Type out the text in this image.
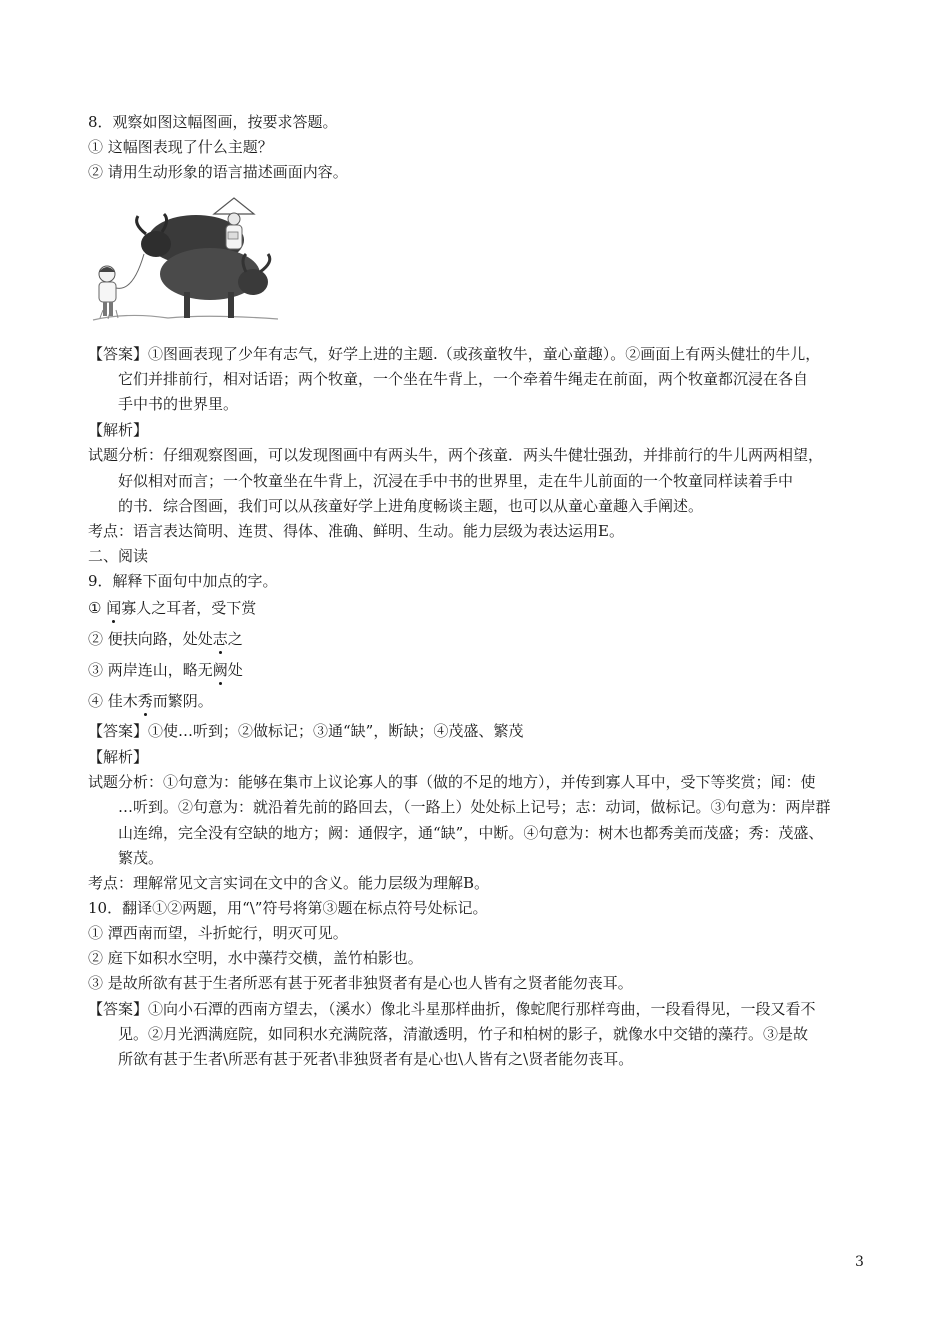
8．观察如图这幅图画，按要求答题。
① 这幅图表现了什么主题？
② 请用生动形象的语言描述画面内容。
【答案】①图画表现了少年有志气，好学上进的主题.（或孩童牧牛，童心童趣）。②画面上有两头健壮的牛儿，
它们并排前行，相对话语；两个牧童，一个坐在牛背上，一个牵着牛绳走在前面，两个牧童都沉浸在各自
手中书的世界里。
【解析】
试题分析：仔细观察图画，可以发现图画中有两头牛，两个孩童．两头牛健壮强劲，并排前行的牛儿两两相望，
好似相对而言；一个牧童坐在牛背上，沉浸在手中书的世界里，走在牛儿前面的一个牧童同样读着手中
的书．综合图画，我们可以从孩童好学上进角度畅谈主题，也可以从童心童趣入手阐述。
考点：语言表达简明、连贯、得体、准确、鲜明、生动。能力层级为表达运用E。
二、阅读
9．解释下面句中加点的字。
① 闻寡人之耳者，受下赏
② 便扶向路，处处志之
③ 两岸连山，略无阙处
④ 佳木秀而繁阴。
【答案】①使…听到；②做标记；③通“缺”，断缺；④茂盛、繁茂
【解析】
试题分析：①句意为：能够在集市上议论寡人的事（做的不足的地方），并传到寡人耳中，受下等奖赏；闻：使
…听到。②句意为：就沿着先前的路回去，（一路上）处处标上记号；志：动词，做标记。③句意为：两岸群
山连绵，完全没有空缺的地方；阙：通假字，通“缺”，中断。④句意为：树木也都秀美而茂盛；秀：茂盛、
繁茂。
考点：理解常见文言实词在文中的含义。能力层级为理解B。
10．翻译①②两题，用“\”符号将第③题在标点符号处标记。
① 潭西南而望，斗折蛇行，明灭可见。
② 庭下如积水空明，水中藻荇交横，盖竹柏影也。
③ 是故所欲有甚于生者所恶有甚于死者非独贤者有是心也人皆有之贤者能勿丧耳。
【答案】①向小石潭的西南方望去，（溪水）像北斗星那样曲折，像蛇爬行那样弯曲，一段看得见，一段又看不
见。②月光洒满庭院，如同积水充满院落，清澈透明，竹子和柏树的影子，就像水中交错的藻荇。③是故
所欲有甚于生者\所恶有甚于死者\非独贤者有是心也\人皆有之\贤者能勿丧耳。
3
